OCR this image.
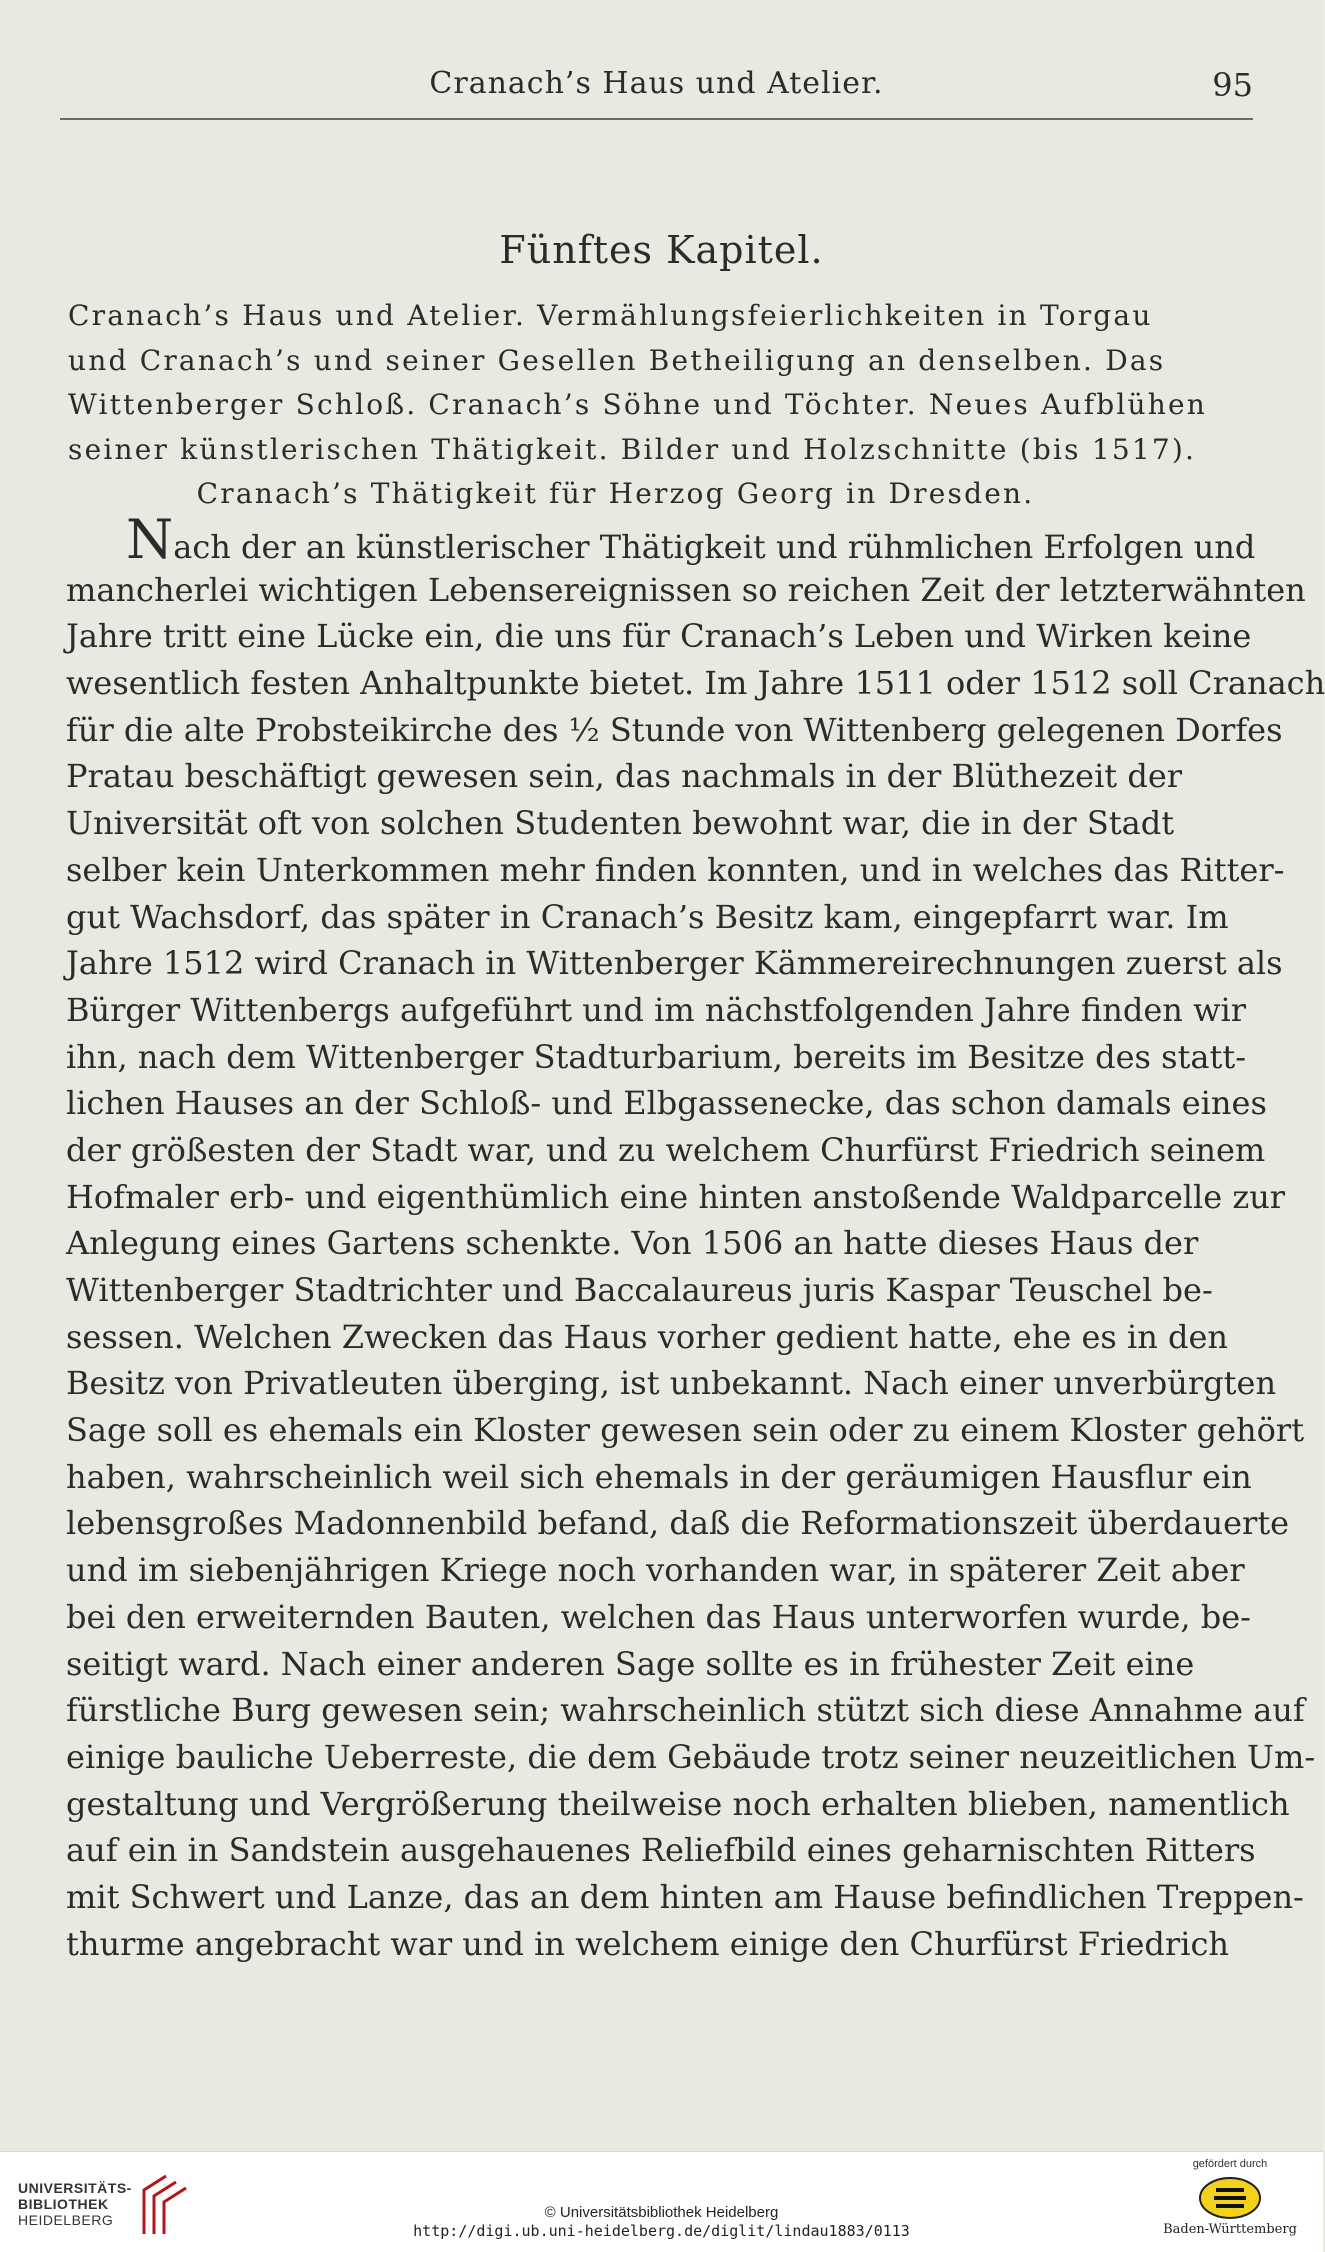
Cranach’s Haus und Atelier.	95
Fünftes Kapitel.
Cranach’s Haus und Atelier. Vermählungsfeierlichkeiten in Torgau
und Cranach’s und seiner Gesellen Betheiligung an denselben. Das
Wittenberger Schloß. Cranach’s Söhne und Töchter. Neues Aufblühen
seiner künstlerischen Thätigkeit. Bilder und Holzschnitte (bis 1517).
Cranach’s Thätigkeit für Herzog Georg in Dresden.
Nach der an künstlerischer Thätigkeit und rühmlichen Erfolgen und
mancherlei wichtigen Lebensereignissen so reichen Zeit der letzterwähnten
Jahre tritt eine Lücke ein, die uns für Cranach’s Leben und Wirken keine
wesentlich festen Anhaltpunkte bietet. Im Jahre 1511 oder 1512 soll Cranach
für die alte Probsteikirche des ½ Stunde von Wittenberg gelegenen Dorfes
Pratau beschäftigt gewesen sein, das nachmals in der Blüthezeit der
Universität oft von solchen Studenten bewohnt war, die in der Stadt
selber kein Unterkommen mehr finden konnten, und in welches das Ritter-
gut Wachsdorf, das später in Cranach’s Besitz kam, eingepfarrt war. Im
Jahre 1512 wird Cranach in Wittenberger Kämmereirechnungen zuerst als
Bürger Wittenbergs aufgeführt und im nächstfolgenden Jahre finden wir
ihn, nach dem Wittenberger Stadturbarium, bereits im Besitze des statt-
lichen Hauses an der Schloß- und Elbgassenecke, das schon damals eines
der größesten der Stadt war, und zu welchem Churfürst Friedrich seinem
Hofmaler erb- und eigenthümlich eine hinten anstoßende Waldparcelle zur
Anlegung eines Gartens schenkte. Von 1506 an hatte dieses Haus der
Wittenberger Stadtrichter und Baccalaureus juris Kaspar Teuschel be-
sessen. Welchen Zwecken das Haus vorher gedient hatte, ehe es in den
Besitz von Privatleuten überging, ist unbekannt. Nach einer unverbürgten
Sage soll es ehemals ein Kloster gewesen sein oder zu einem Kloster gehört
haben, wahrscheinlich weil sich ehemals in der geräumigen Hausflur ein
lebensgroßes Madonnenbild befand, daß die Reformationszeit überdauerte
und im siebenjährigen Kriege noch vorhanden war, in späterer Zeit aber
bei den erweiternden Bauten, welchen das Haus unterworfen wurde, be-
seitigt ward. Nach einer anderen Sage sollte es in frühester Zeit eine
fürstliche Burg gewesen sein; wahrscheinlich stützt sich diese Annahme auf
einige bauliche Ueberreste, die dem Gebäude trotz seiner neuzeitlichen Um-
gestaltung und Vergrößerung theilweise noch erhalten blieben, namentlich
auf ein in Sandstein ausgehauenes Reliefbild eines geharnischten Ritters
mit Schwert und Lanze, das an dem hinten am Hause befindlichen Treppen-
thurme angebracht war und in welchem einige den Churfürst Friedrich
UNIVERSITÄTS-
BIBLIOTHEK
HEIDELBERG	© Universitätsbibliothek Heidelberg
http://digi.ub.uni-heidelberg.de/diglit/lindau1883/0113
gefördert durch
Baden-Württemberg
